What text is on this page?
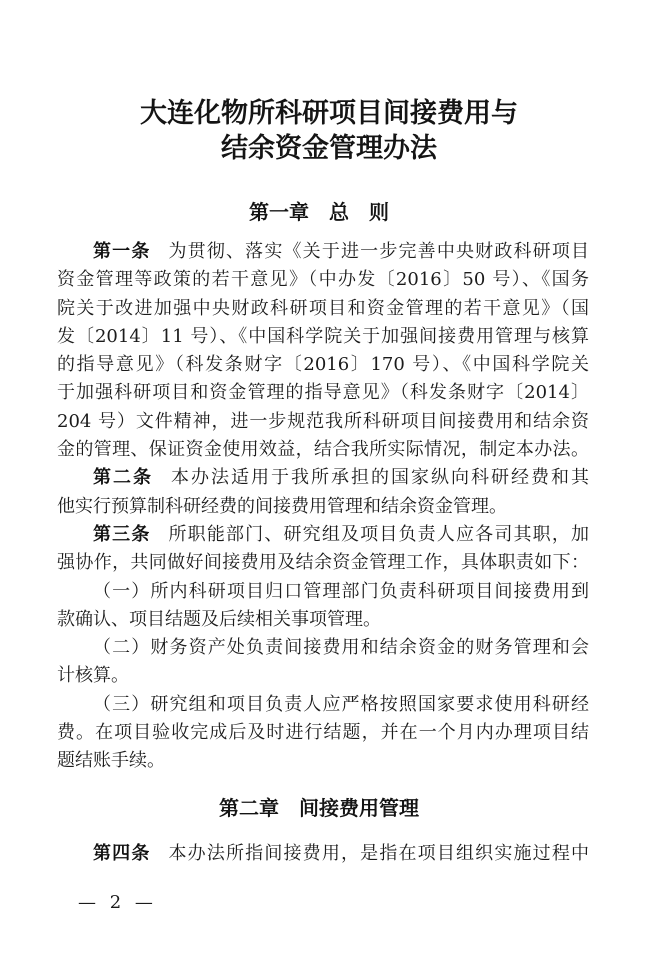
大连化物所科研项目间接费用与
结余资金管理办法
第一章　总　则
第一条 为贯彻、落实《关于进一步完善中央财政科研项目
资金管理等政策的若干意见》（中办发〔2016〕50 号）、《国务
院关于改进加强中央财政科研项目和资金管理的若干意见》（国
发〔2014〕11 号）、《中国科学院关于加强间接费用管理与核算
的指导意见》（科发条财字〔2016〕170 号）、《中国科学院关
于加强科研项目和资金管理的指导意见》（科发条财字〔2014〕
204 号）文件精神，进一步规范我所科研项目间接费用和结余资
金的管理、保证资金使用效益，结合我所实际情况，制定本办法。
第二条 本办法适用于我所承担的国家纵向科研经费和其
他实行预算制科研经费的间接费用管理和结余资金管理。
第三条 所职能部门、研究组及项目负责人应各司其职，加
强协作，共同做好间接费用及结余资金管理工作，具体职责如下：
（一）所内科研项目归口管理部门负责科研项目间接费用到
款确认、项目结题及后续相关事项管理。
（二）财务资产处负责间接费用和结余资金的财务管理和会
计核算。
（三）研究组和项目负责人应严格按照国家要求使用科研经
费。在项目验收完成后及时进行结题，并在一个月内办理项目结
题结账手续。
第二章　间接费用管理
第四条 本办法所指间接费用，是指在项目组织实施过程中
— 2 —
